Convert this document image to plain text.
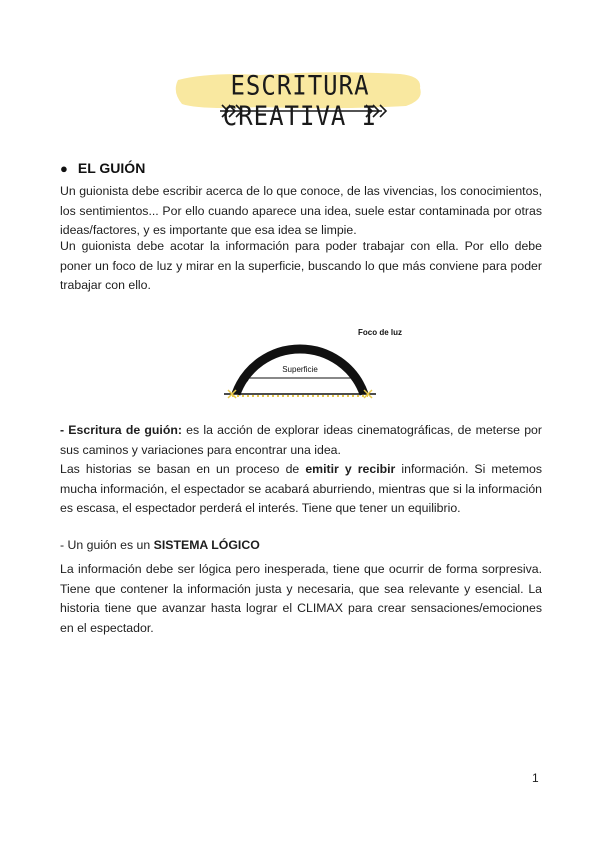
ESCRITURA CREATIVA I
● EL GUIÓN

Un guionista debe escribir acerca de lo que conoce, de las vivencias, los conocimientos, los sentimientos... Por ello cuando aparece una idea, suele estar contaminada por otras ideas/factores, y es importante que esa idea se limpie.

Un guionista debe acotar la información para poder trabajar con ella. Por ello debe poner un foco de luz y mirar en la superficie, buscando lo que más conviene para poder trabajar con ello.

Superficie
Foco de luz

- Escritura de guión: es la acción de explorar ideas cinematográficas, de meterse por sus caminos y variaciones para encontrar una idea.

Las historias se basan en un proceso de emitir y recibir información. Si metemos mucha información, el espectador se acabará aburriendo, mientras que si la información es escasa, el espectador perderá el interés. Tiene que tener un equilibrio.

- Un guión es un SISTEMA LÓGICO

La información debe ser lógica pero inesperada, tiene que ocurrir de forma sorpresiva. Tiene que contener la información justa y necesaria, que sea relevante y esencial. La historia tiene que avanzar hasta lograr el CLIMAX para crear sensaciones/emociones en el espectador.

1
